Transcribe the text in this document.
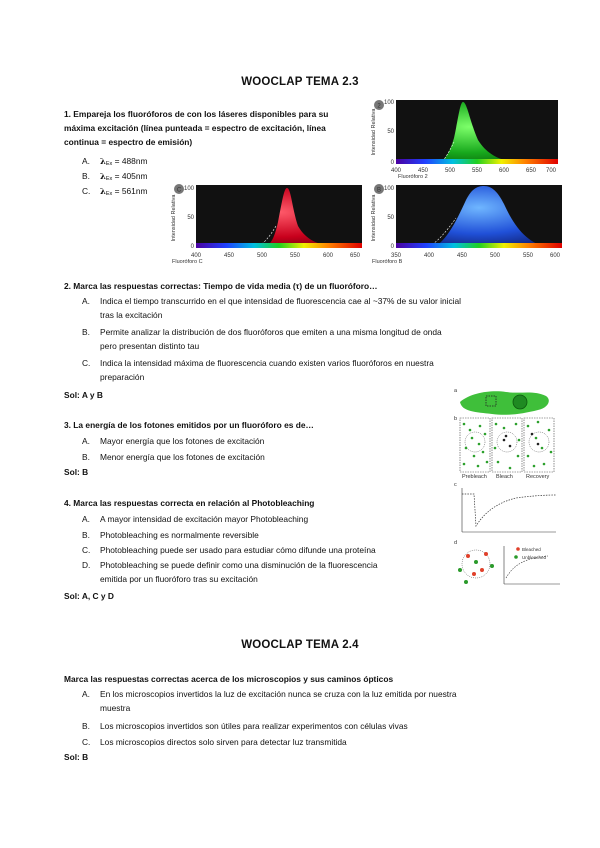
WOOCLAP TEMA 2.3
1. Empareja los fluoróforos de con los láseres disponibles para su
máxima excitación (línea punteada = espectro de excitación, línea
continua = espectro de emisión)
A. $\lambda_{Ex} = 488nm$
B. $\lambda_{Ex} = 405nm$
C. $\lambda_{Ex} = 561nm$
2
100
50
0
Intensidad Relativa
400	450	500	550	600	650 700
Fluoróforo 2
C
Intensidad Relativa
100
50
0
400	450	500	550	600	650
Fluoróforo C
B
Intensidad Relativa
100
50
0
350	400	450	500	550	600
Fluoróforo B
2. Marca las respuestas correctas: Tiempo de vida media (τ) de un fluoróforo…
A. Indica el tiempo transcurrido en el que intensidad de fluorescencia cae al ~37% de su valor inicial
tras la excitación
B. Permite analizar la distribución de dos fluoróforos que emiten a una misma longitud de onda
pero presentan distinto tau
C. Indica la intensidad máxima de fluorescencia cuando existen varios fluoróforos en nuestra
preparación
Sol: A y B
3. La energía de los fotones emitidos por un fluoróforo es de…
A. Mayor energía que los fotones de excitación
B. Menor energía que los fotones de excitación
Sol: B
4. Marca las respuestas correcta en relación al Photobleaching
A. A mayor intensidad de excitación mayor Photobleaching
B. Photobleaching es normalmente reversible
C. Photobleaching puede ser usado para estudiar cómo difunde una proteína
D. Photobleaching se puede definir como una disminución de la fluorescencia
emitida por un fluoróforo tras su excitación
Sol: A, C y D
a
b
Prebleach Bleach Recovery
c
d
Bleached
Unbleached
WOOCLAP TEMA 2.4
Marca las respuestas correctas acerca de los microscopios y sus caminos ópticos
A. En los microscopios invertidos la luz de excitación nunca se cruza con la luz emitida por nuestra
muestra
B. Los microscopios invertidos son útiles para realizar experimentos con células vivas
C. Los microscopios directos solo sirven para detectar luz transmitida
Sol: B
